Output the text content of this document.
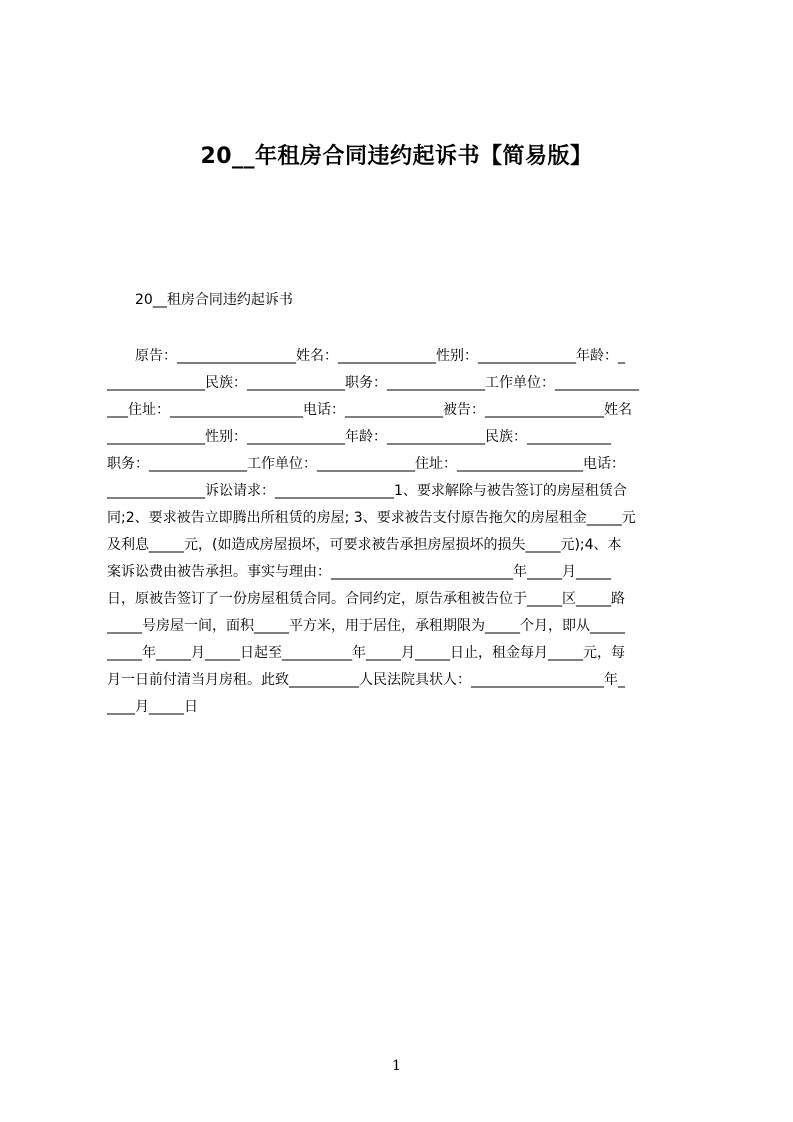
20__年租房合同违约起诉书【简易版】

20__租房合同违约起诉书

　　原告：_________________姓名：______________性别：______________年龄：_

______________民族：______________职务：______________工作单位：____________

___住址：___________________电话：______________被告：_________________姓名

______________性别：______________年龄：______________民族：____________

职务：______________工作单位：______________住址：__________________电话：

______________诉讼请求：_________________1、要求解除与被告签订的房屋租赁合

同;2、要求被告立即腾出所租赁的房屋; 3、要求被告支付原告拖欠的房屋租金_____元

及利息_____元，(如造成房屋损坏，可要求被告承担房屋损坏的损失_____元);4、本

案诉讼费由被告承担。事实与理由：__________________________年_____月_____

日，原被告签订了一份房屋租赁合同。合同约定，原告承租被告位于_____区_____路

_____号房屋一间，面积_____平方米，用于居住，承租期限为_____个月，即从_____

_____年_____月_____日起至__________年_____月_____日止，租金每月_____元，每

月一日前付清当月房租。此致__________人民法院具状人：___________________年_

____月_____日

1
